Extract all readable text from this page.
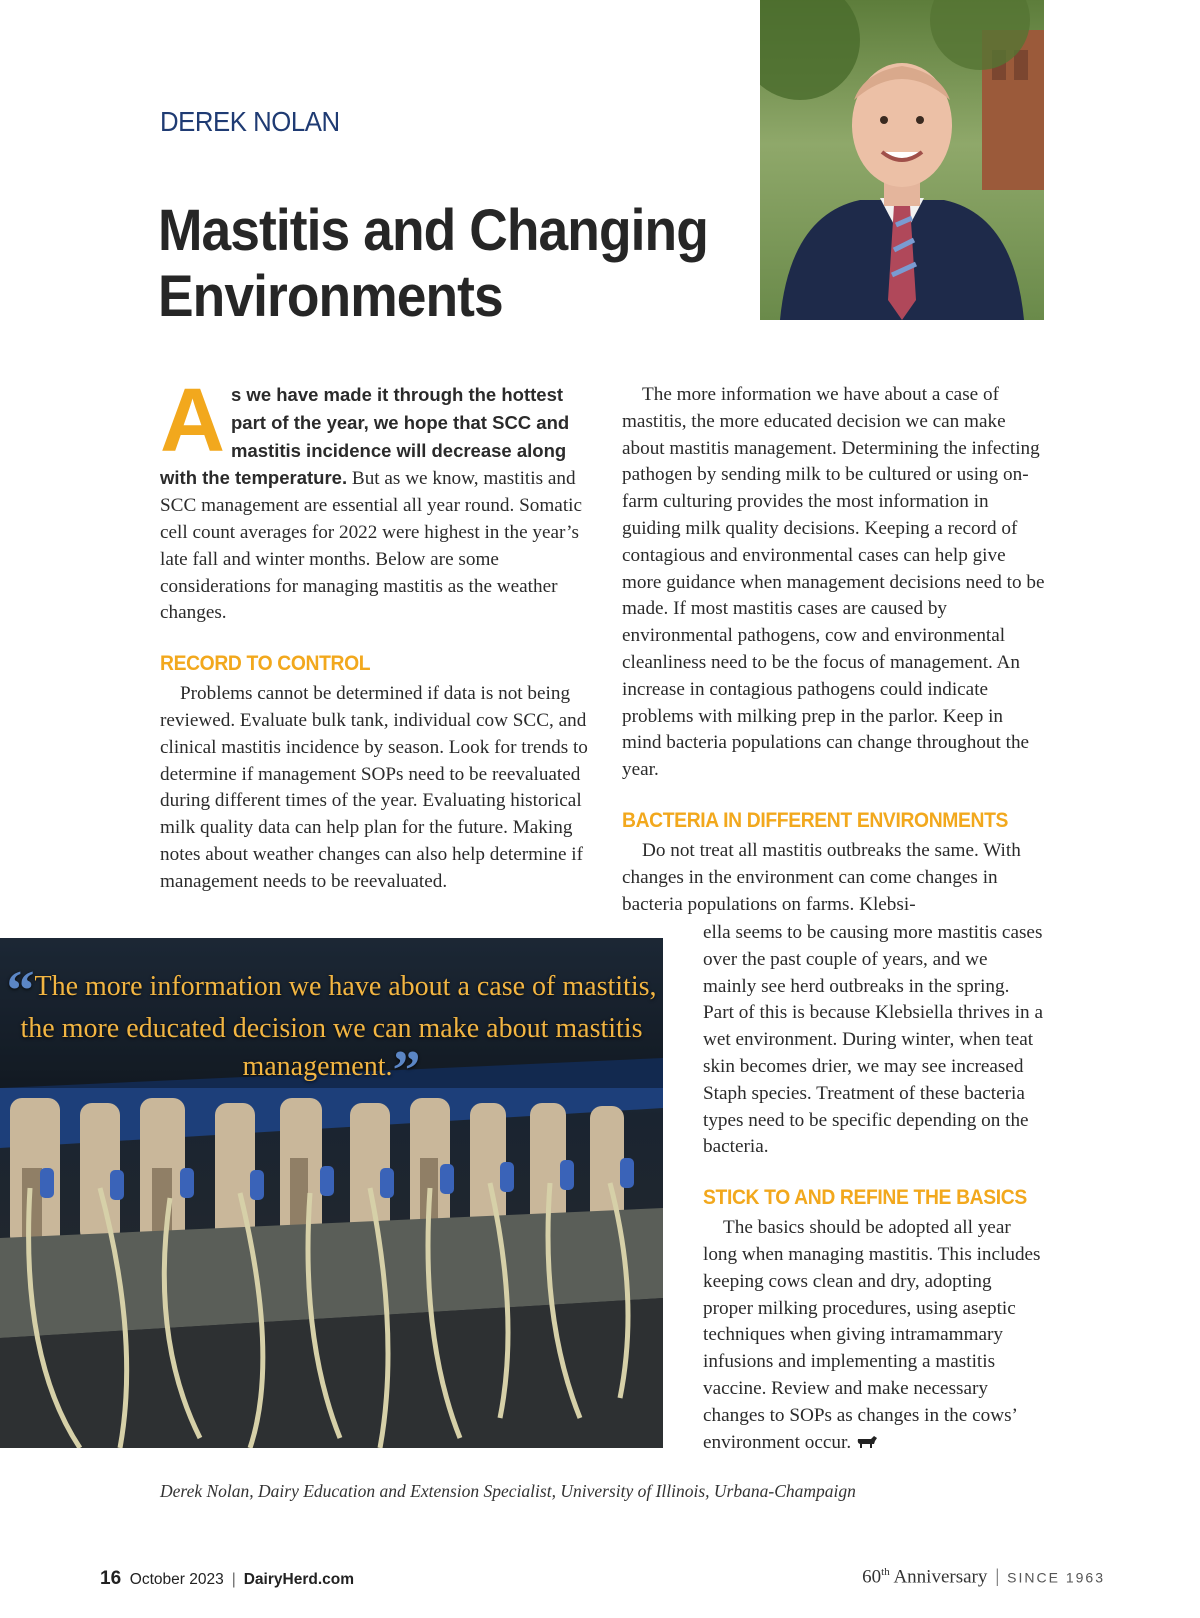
DEREK NOLAN
Mastitis and Changing Environments

As we have made it through the hottest part of the year, we hope that SCC and mastitis incidence will decrease along with the temperature. But as we know, mastitis and SCC management are essential all year round. Somatic cell count averages for 2022 were highest in the year’s late fall and winter months. Below are some considerations for managing mastitis as the weather changes.

RECORD TO CONTROL

Problems cannot be determined if data is not being reviewed. Evaluate bulk tank, individual cow SCC, and clinical mastitis incidence by season. Look for trends to determine if management SOPs need to be reevaluated during different times of the year. Evaluating historical milk quality data can help plan for the future. Making notes about weather changes can also help determine if management needs to be reevaluated.

The more information we have about a case of mastitis, the more educated decision we can make about mastitis management. Determining the infecting pathogen by sending milk to be cultured or using on-farm culturing provides the most information in guiding milk quality decisions. Keeping a record of contagious and environmental cases can help give more guidance when management decisions need to be made. If most mastitis cases are caused by environmental pathogens, cow and environmental cleanliness need to be the focus of management. An increase in contagious pathogens could indicate problems with milking prep in the parlor. Keep in mind bacteria populations can change throughout the year.

BACTERIA IN DIFFERENT ENVIRONMENTS

Do not treat all mastitis outbreaks the same. With changes in the environment can come changes in bacteria populations on farms. Klebsi-

ella seems to be causing more mastitis cases over the past couple of years, and we mainly see herd outbreaks in the spring. Part of this is because Klebsiella thrives in a wet environment. During winter, when teat skin becomes drier, we may see increased Staph species. Treatment of these bacteria types need to be specific depending on the bacteria.

STICK TO AND REFINE THE BASICS

The basics should be adopted all year long when managing mastitis. This includes keeping cows clean and dry, adopting proper milking procedures, using aseptic techniques when giving intramammary infusions and implementing a mastitis vaccine. Review and make necessary changes to SOPs as changes in the cows’ environment occur.

“The more information we have about a case of mastitis, the more educated decision we can make about mastitis management.”
Derek Nolan, Dairy Education and Extension Specialist, University of Illinois, Urbana-Champaign
16 October 2023 | DairyHerd.com	60th Anniversary | SINCE 1963
